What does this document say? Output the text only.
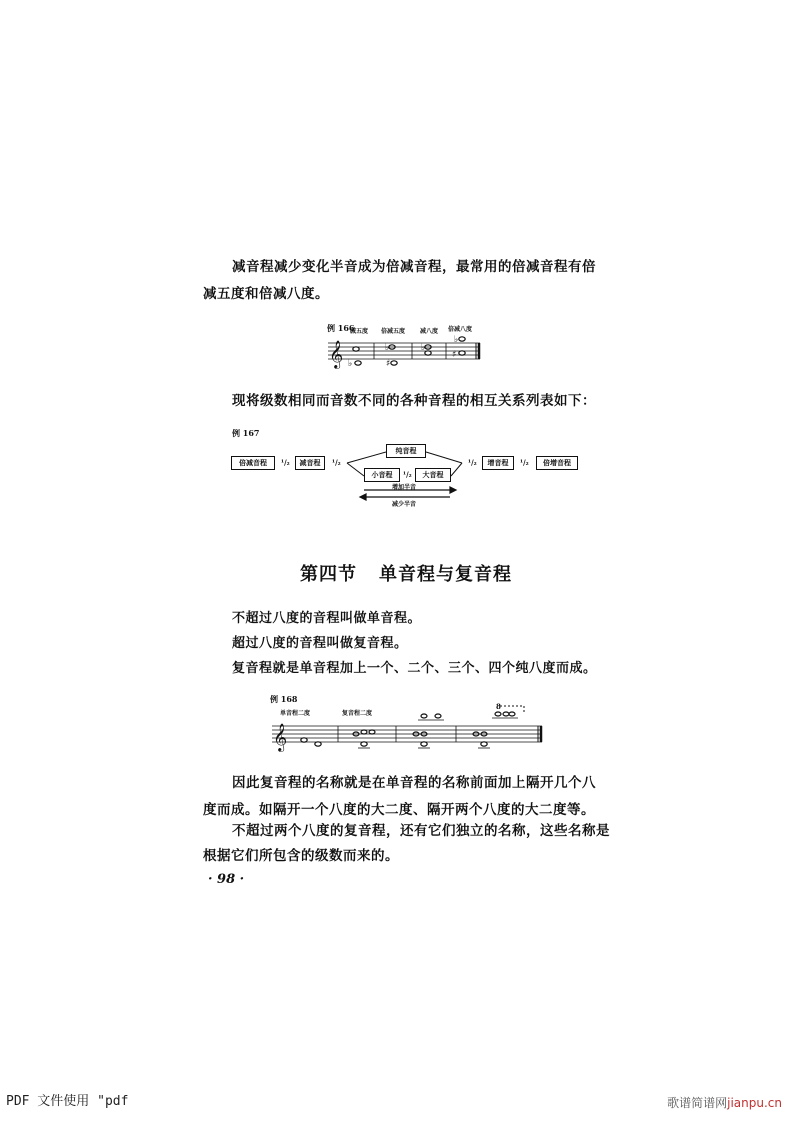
减音程减少变化半音成为倍减音程，最常用的倍减音程有倍

减五度和倍减八度。

例 166
减五度 倍减五度 减八度 倍减八度
𝄞 ♭
♭
♯
♭
♭
♯

现将级数相同而音数不同的各种音程的相互关系列表如下：

例 167
倍减音程	¹/₂	减音程	¹/₂
纯音程
小音程	¹/₂	大音程
¹/₂	增音程	¹/₂	倍增音程
增加半音
减少半音
第四节 单音程与复音程
不超过八度的音程叫做单音程。
超过八度的音程叫做复音程。
复音程就是单音程加上一个、二个、三个、四个纯八度而成。
例 168
单音程二度	复音程二度
𝄞
8

因此复音程的名称就是在单音程的名称前面加上隔开几个八

度而成。如隔开一个八度的大二度、隔开两个八度的大二度等。

不超过两个八度的复音程，还有它们独立的名称，这些名称是

根据它们所包含的级数而来的。

· 98 ·
PDF 文件使用 "pdf	歌谱简谱网jianpu.cn
